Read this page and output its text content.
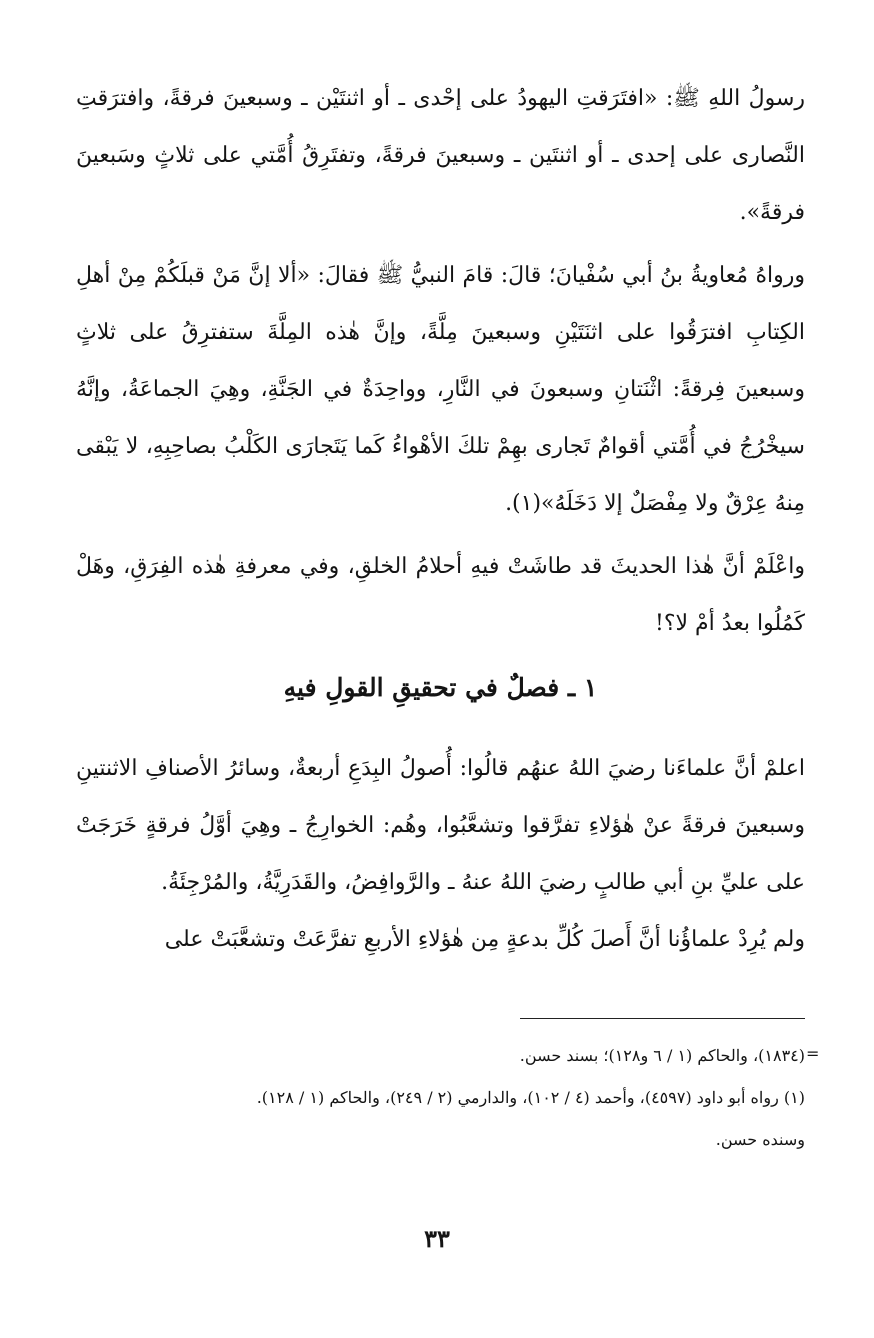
رسولُ اللهِ ﷺ: «افتَرَقتِ اليهودُ على إحْدى ـ أو اثنتَيْن ـ وسبعينَ فرقةً، وافترَقتِ النَّصارى على إحدى ـ أو اثنتَين ـ وسبعينَ فرقةً، وتفتَرِقُ أُمَّتي على ثلاثٍ وسَبعينَ فرقةً».

ورواهُ مُعاويةُ بنُ أبي سُفْيانَ؛ قالَ: قامَ النبيُّ ﷺ فقالَ: «ألا إنَّ مَنْ قبلَكُمْ مِنْ أهلِ الكِتابِ افترَقُوا على اثنَتَيْنِ وسبعينَ مِلَّةً، وإنَّ هٰذه المِلَّةَ ستفترِقُ على ثلاثٍ وسبعينَ فِرقةً: اثْنَتانِ وسبعونَ في النَّارِ، وواحِدَةٌ في الجَنَّةِ، وهِيَ الجماعَةُ، وإنَّهُ سيخْرُجُ في أُمَّتي أقوامٌ تَجارى بهِمْ تلكَ الأهْواءُ كَما يَتَجارَى الكَلْبُ بصاحِبِهِ، لا يَبْقى مِنهُ عِرْقٌ ولا مِفْصَلٌ إلا دَخَلَهُ»(١).

واعْلَمْ أنَّ هٰذا الحديثَ قد طاشَتْ فيهِ أحلامُ الخلقِ، وفي معرفةِ هٰذه الفِرَقِ، وهَلْ كَمُلُوا بعدُ أمْ لا؟!

١ ـ فصلٌ في تحقيقِ القولِ فيهِ

اعلمْ أنَّ علماءَنا رضيَ اللهُ عنهُم قالُوا: أُصولُ البِدَعِ أربعةٌ، وسائرُ الأصنافِ الاثنتينِ وسبعينَ فرقةً عنْ هٰؤلاءِ تفرَّقوا وتشعَّبُوا، وهُم: الخوارِجُ ـ وهِيَ أوَّلُ فرقةٍ خَرَجَتْ على عليِّ بنِ أبي طالبٍ رضيَ اللهُ عنهُ ـ والرَّوافِضُ، والقَدَرِيَّةُ، والمُرْجِئَةُ.

ولم يُرِدْ علماؤُنا أنَّ أَصلَ كُلِّ بدعةٍ مِن هٰؤلاءِ الأربعِ تفرَّعَتْ وتشعَّبَتْ على

=

(١٨٣٤)، والحاكم (١ / ٦ و١٢٨)؛ بسند حسن.

(١) رواه أبو داود (٤٥٩٧)، وأحمد (٤ / ١٠٢)، والدارمي (٢ / ٢٤٩)، والحاكم (١ / ١٢٨).

وسنده حسن.

٣٣
